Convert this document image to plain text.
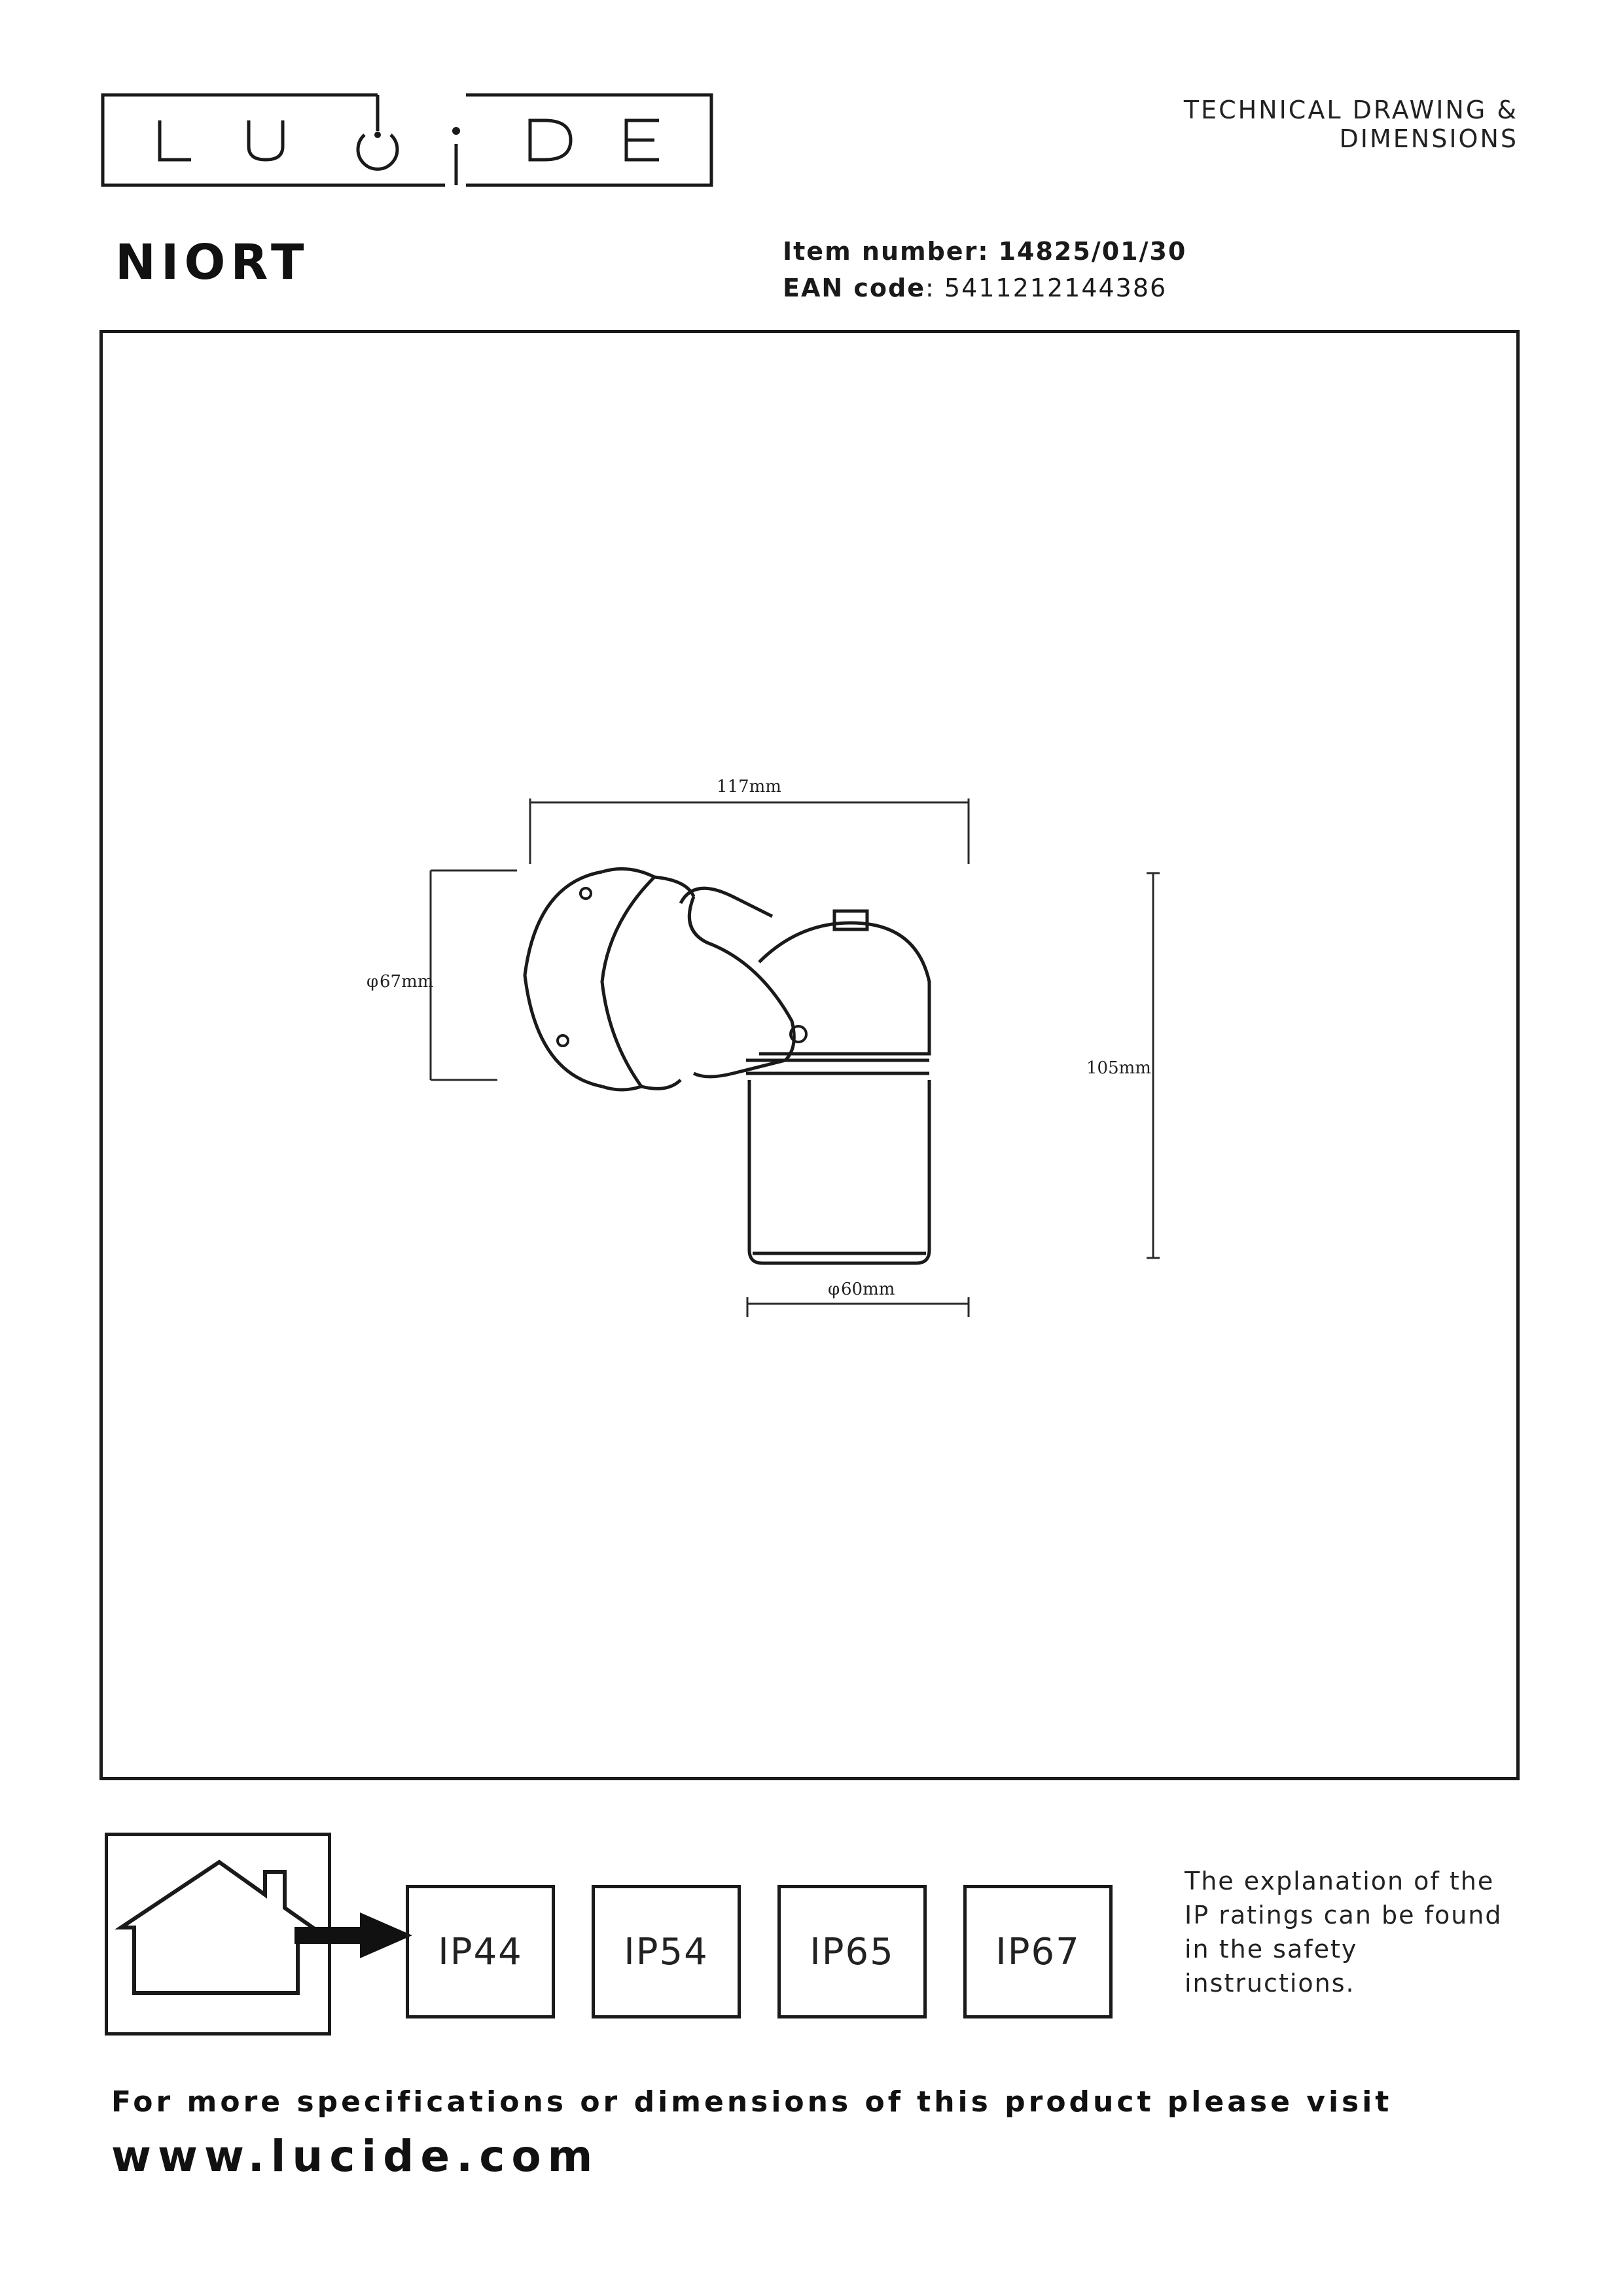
TECHNICAL DRAWING & DIMENSIONS
NIORT	Item number: 14825/01/30
EAN code: 5411212144386
117mm
φ 67mm
105mm
φ 60mm
IP44	IP54	IP65	IP67
The explanation of the IP ratings can be found in the safety instructions.
For more specifications or dimensions of this product please visit
www.lucide.com
